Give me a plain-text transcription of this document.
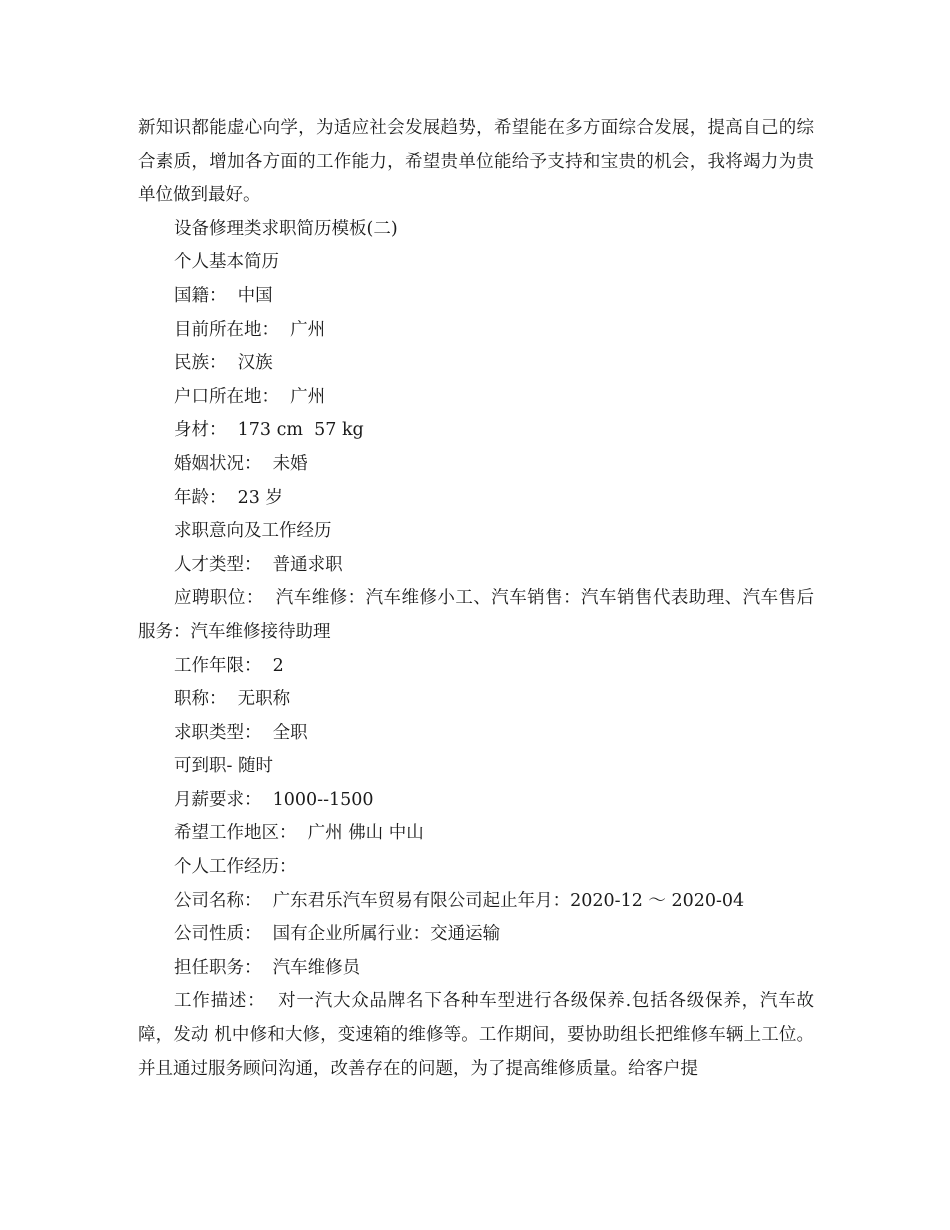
新知识都能虚心向学，为适应社会发展趋势，希望能在多方面综合发展，提高自己的综合素质，增加各方面的工作能力，希望贵单位能给予支持和宝贵的机会，我将竭力为贵单位做到最好。

设备修理类求职简历模板(二)

个人基本简历

国籍：  中国

目前所在地：  广州

民族：  汉族

户口所在地：  广州

身材：  173 cm  57 kg

婚姻状况：  未婚

年龄：  23 岁

求职意向及工作经历

人才类型：  普通求职

应聘职位：  汽车维修：汽车维修小工、汽车销售：汽车销售代表助理、汽车售后服务：汽车维修接待助理

工作年限：  2

职称：  无职称

求职类型：  全职

可到职- 随时

月薪要求：  1000--1500

希望工作地区：  广州 佛山 中山

个人工作经历：

公司名称：  广东君乐汽车贸易有限公司起止年月：2020-12 ～ 2020-04

公司性质：  国有企业所属行业：交通运输

担任职务：  汽车维修员

工作描述：  对一汽大众品牌名下各种车型进行各级保养.包括各级保养，汽车故障，发动 机中修和大修，变速箱的维修等。工作期间，要协助组长把维修车辆上工位。并且通过服务顾问沟通，改善存在的问题，为了提高维修质量。给客户提
